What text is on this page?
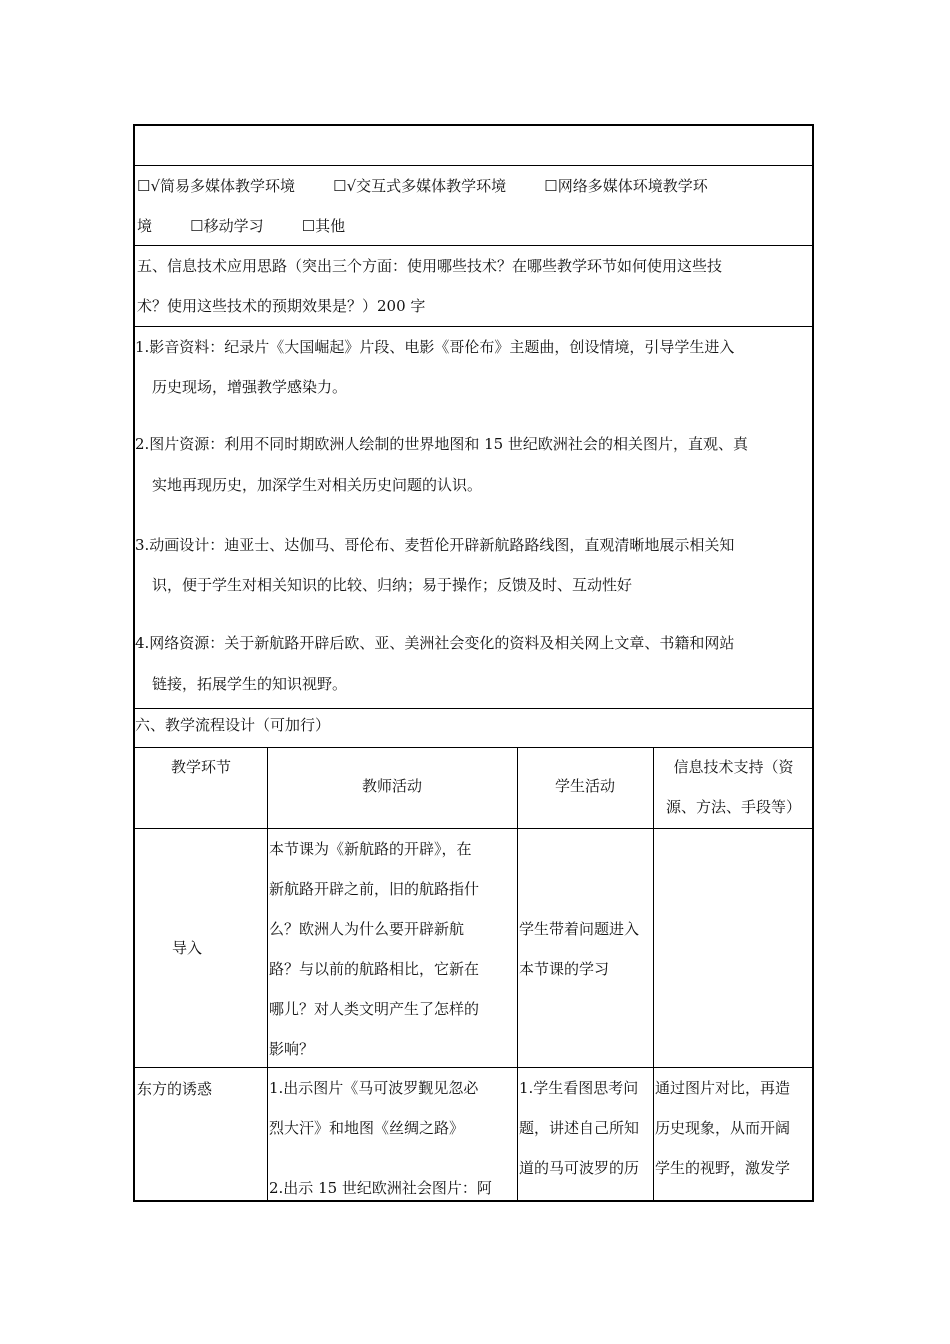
☐√简易多媒体教学环境        ☐√交互式多媒体教学环境        ☐网络多媒体环境教学环
境        ☐移动学习        ☐其他
五、信息技术应用思路（突出三个方面：使用哪些技术？在哪些教学环节如何使用这些技
术？使用这些技术的预期效果是？）200 字
1.影音资料：纪录片《大国崛起》片段、电影《哥伦布》主题曲，创设情境，引导学生进入
历史现场，增强教学感染力。
2.图片资源：利用不同时期欧洲人绘制的世界地图和 15 世纪欧洲社会的相关图片，直观、真
实地再现历史，加深学生对相关历史问题的认识。
3.动画设计：迪亚士、达伽马、哥伦布、麦哲伦开辟新航路路线图，直观清晰地展示相关知
识，便于学生对相关知识的比较、归纳；易于操作；反馈及时、互动性好
4.网络资源：关于新航路开辟后欧、亚、美洲社会变化的资料及相关网上文章、书籍和网站
链接，拓展学生的知识视野。
六、教学流程设计（可加行）
教学环节
教师活动	学生活动
信息技术支持（资
源、方法、手段等）
导入

本节课为《新航路的开辟》，在

新航路开辟之前，旧的航路指什

么？欧洲人为什么要开辟新航

路？与以前的航路相比，它新在

哪儿？对人类文明产生了怎样的

影响？

学生带着问题进入

本节课的学习

东方的诱惑

	1.出示图片《马可波罗觐见忽必

烈大汗》和地图《丝绸之路》

2.出示 15 世纪欧洲社会图片：阿

1.学生看图思考问

题，讲述自己所知

道的马可波罗的历

通过图片对比，再造

历史现象，从而开阔

学生的视野，激发学
